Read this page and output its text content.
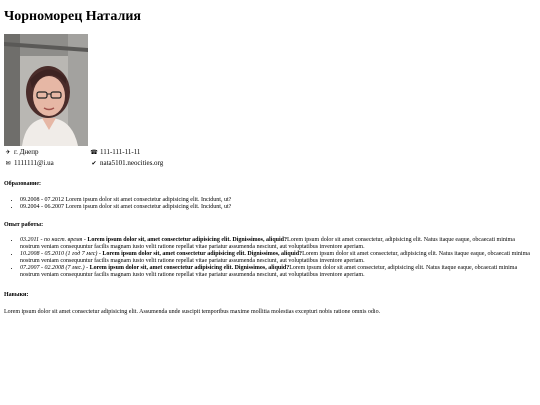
Чорноморец Наталия
✈ г. Днепр	☎ 111-111-11-11
✉ 1111111@i.ua	✔ nata5101.neocities.org
Образование:
• 09.2008 - 07.2012 Lorem ipsum dolor sit amet consectetur adipisicing elit. Incidunt, ut?
• 09.2004 - 06.2007 Lorem ipsum dolor sit amet consectetur adipisicing elit. Incidunt, ut?
Опыт работы:
• 03.2011 - по наст. время - Lorem ipsum dolor sit, amet consectetur adipisicing elit. Dignissimos, aliquid?Lorem ipsum dolor sit amet consectetur, adipisicing elit. Natus itaque eaque, obcaecati minima nostrum veniam consequuntur facilis magnam iusto velit ratione repellat vitae pariatur assumenda nesciunt, aut voluptatibus inventore aperiam.
• 10.2008 - 05.2010 (1 год 7 мес) - Lorem ipsum dolor sit, amet consectetur adipisicing elit. Dignissimos, aliquid?Lorem ipsum dolor sit amet consectetur, adipisicing elit. Natus itaque eaque, obcaecati minima nostrum veniam consequuntur facilis magnam iusto velit ratione repellat vitae pariatur assumenda nesciunt, aut voluptatibus inventore aperiam.
• 07.2007 - 02.2008 (7 мес.) - Lorem ipsum dolor sit, amet consectetur adipisicing elit. Dignissimos, aliquid?Lorem ipsum dolor sit amet consectetur, adipisicing elit. Natus itaque eaque, obcaecati minima nostrum veniam consequuntur facilis magnam iusto velit ratione repellat vitae pariatur assumenda nesciunt, aut voluptatibus inventore aperiam.
Навыки:

Lorem ipsum dolor sit amet consectetur adipisicing elit. Assumenda unde suscipit temporibus maxime mollitia molestias excepturi nobis ratione omnis odio.
